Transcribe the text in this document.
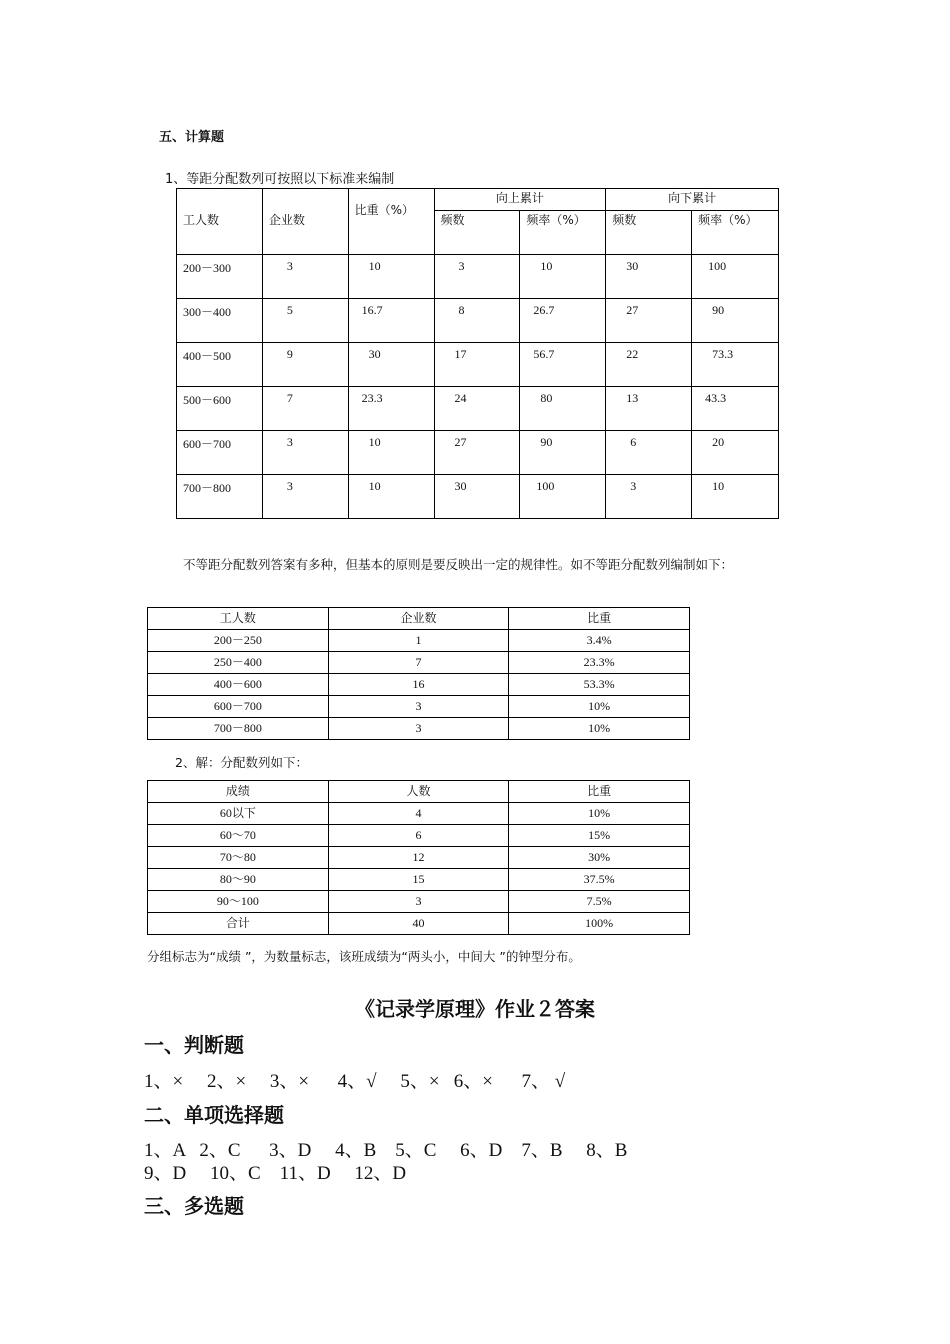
五、计算题
1、等距分配数列可按照以下标准来编制
工人数	企业数	比重（%）	向上累计		向下累计	
			频数	频率（%）	频数	频率（%）
200－300	3	10	3	10	30	100
300－400	5	16.7	8	26.7	27	90
400－500	9	30	17	56.7	22	73.3
500－600	7	23.3	24	80	13	43.3
600－700	3	10	27	90	6	20
700－800	3	10	30	100	3	10
不等距分配数列答案有多种，但基本的原则是要反映出一定的规律性。如不等距分配数列编制如下：
工人数	企业数	比重
200－250	1	3.4%
250－400	7	23.3%
400－600	16	53.3%
600－700	3	10%
700－800	3	10%
2、解：分配数列如下：
成绩	人数	比重
60以下	4	10%
60～70	6	15%
70～80	12	30%
80～90	15	37.5%
90～100	3	7.5%
合计	40	100%
分组标志为“成绩 ”，为数量标志，该班成绩为“两头小，中间大 ”的钟型分布。
《记录学原理》作业２答案
一、判断题
1、×     2、×     3、×      4、√     5、×   6、×      7、 √
二、单项选择题
1、A   2、C      3、D     4、B    5、C     6、D    7、B     8、B
9、D     10、C    11、D     12、D
三、多选题
